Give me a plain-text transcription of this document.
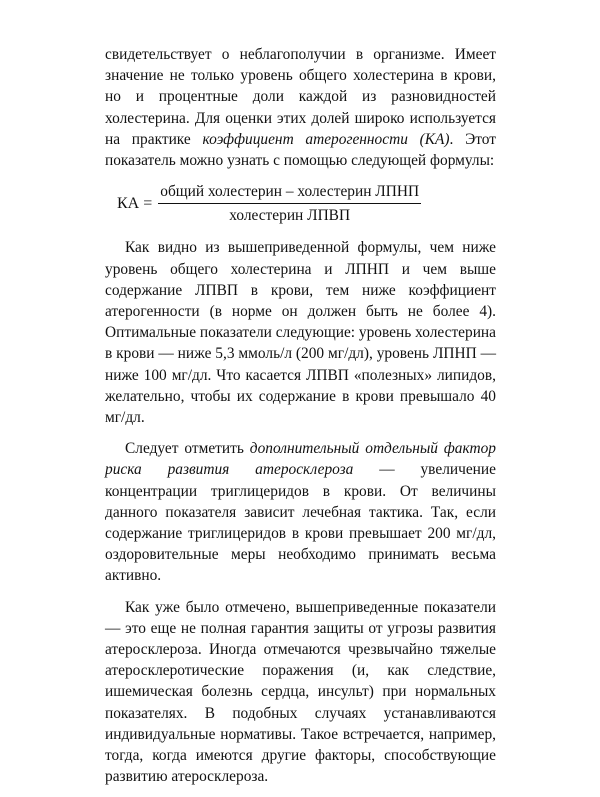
свидетельствует о неблагополучии в организме. Имеет значение не только уровень общего холестерина в крови, но и процентные доли каждой из разновидностей холестерина. Для оценки этих долей широко используется на практике коэффициент атерогенности (КА). Этот показатель можно узнать с помощью следующей формулы:

КА = $\frac{\text{общий холестерин – холестерин ЛПНП}}{\text{холестерин ЛПВП}}$

Как видно из вышеприведенной формулы, чем ниже уровень общего холестерина и ЛПНП и чем выше содержание ЛПВП в крови, тем ниже коэффициент атерогенности (в норме он должен быть не более 4). Оптимальные показатели следующие: уровень холестерина в крови — ниже 5,3 ммоль/л (200 мг/дл), уровень ЛПНП — ниже 100 мг/дл. Что касается ЛПВП «полезных» липидов, желательно, чтобы их содержание в крови превышало 40 мг/дл.

Следует отметить дополнительный отдельный фактор риска развития атеросклероза — увеличение концентрации триглицеридов в крови. От величины данного показателя зависит лечебная тактика. Так, если содержание триглицеридов в крови превышает 200 мг/дл, оздоровительные меры необходимо принимать весьма активно.

Как уже было отмечено, вышеприведенные показатели — это еще не полная гарантия защиты от угрозы развития атеросклероза. Иногда отмечаются чрезвычайно тяжелые атеросклеротические поражения (и, как следствие, ишемическая болезнь сердца, инсульт) при нормальных показателях. В подобных случаях устанавливаются индивидуальные нормативы. Такое встречается, например, тогда, когда имеются другие факторы, способствующие развитию атеросклероза.
